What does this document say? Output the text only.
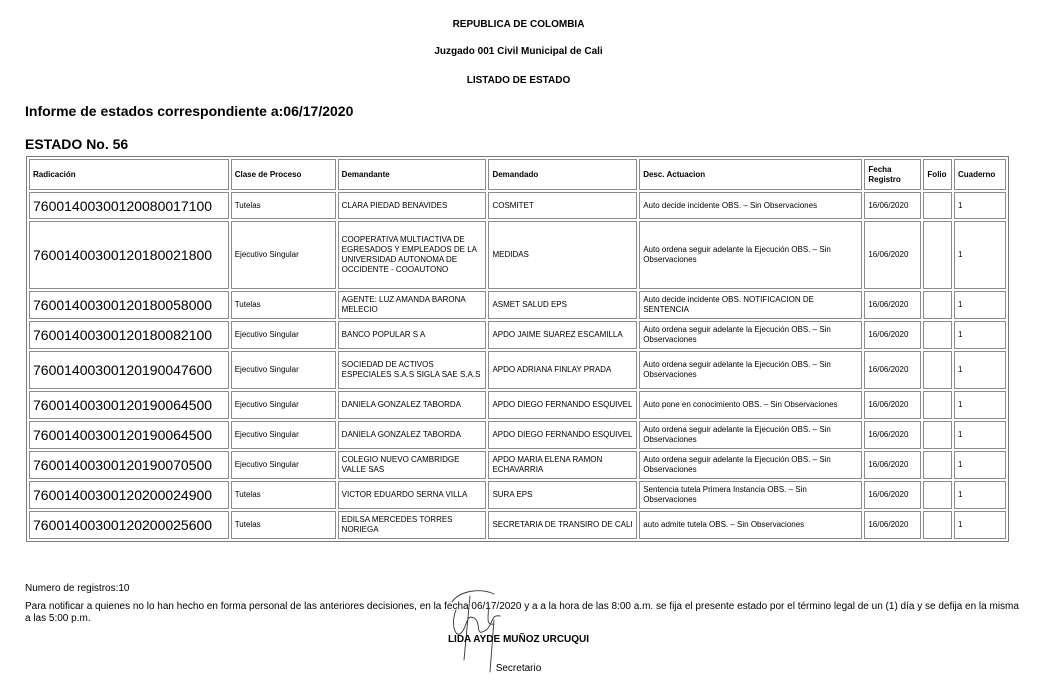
REPUBLICA DE COLOMBIA
Juzgado 001 Civil Municipal de Cali
LISTADO DE ESTADO
Informe de estados correspondiente a:06/17/2020
ESTADO No. 56
Radicación	Clase de Proceso	Demandante	Demandado	Desc. Actuacion	Fecha Registro	Folio	Cuaderno
76001400300120080017100	Tutelas	CLARA PIEDAD BENAVIDES	COSMITET	Auto decide incidente OBS. – Sin Observaciones	16/06/2020		1
76001400300120180021800	Ejecutivo Singular	COOPERATIVA MULTIACTIVA DE EGRESADOS Y EMPLEADOS DE LA UNIVERSIDAD AUTONOMA DE OCCIDENTE - COOAUTONO	MEDIDAS	Auto ordena seguir adelante la Ejecución OBS. – Sin Observaciones	16/06/2020		1
76001400300120180058000	Tutelas	AGENTE: LUZ AMANDA BARONA MELECIO	ASMET SALUD EPS	Auto decide incidente OBS. NOTIFICACION DE SENTENCIA	16/06/2020		1
76001400300120180082100	Ejecutivo Singular	BANCO POPULAR S A	APDO JAIME SUAREZ ESCAMILLA	Auto ordena seguir adelante la Ejecución OBS. – Sin Observaciones	16/06/2020		1
76001400300120190047600	Ejecutivo Singular	SOCIEDAD DE ACTIVOS ESPECIALES S.A.S SIGLA SAE S.A.S	APDO ADRIANA FINLAY PRADA	Auto ordena seguir adelante la Ejecución OBS. – Sin Observaciones	16/06/2020		1
76001400300120190064500	Ejecutivo Singular	DANIELA GONZALEZ TABORDA	APDO DIEGO FERNANDO ESQUIVEL	Auto pone en conocimiento OBS. – Sin Observaciones	16/06/2020		1
76001400300120190064500	Ejecutivo Singular	DANIELA GONZALEZ TABORDA	APDO DIEGO FERNANDO ESQUIVEL	Auto ordena seguir adelante la Ejecución OBS. – Sin Observaciones	16/06/2020		1
76001400300120190070500	Ejecutivo Singular	COLEGIO NUEVO CAMBRIDGE VALLE SAS	APDO MARIA ELENA RAMON ECHAVARRIA	Auto ordena seguir adelante la Ejecución OBS. – Sin Observaciones	16/06/2020		1
76001400300120200024900	Tutelas	VICTOR EDUARDO SERNA VILLA	SURA EPS	Sentencia tutela Primera Instancia OBS. – Sin Observaciones	16/06/2020		1
76001400300120200025600	Tutelas	EDILSA MERCEDES TORRES NORIEGA	SECRETARIA DE TRANSIRO DE CALI	auto admite tutela OBS. – Sin Observaciones	16/06/2020		1
Numero de registros:10
Para notificar a quienes no lo han hecho en forma personal de las anteriores decisiones, en la fecha 06/17/2020 y a a la hora de las 8:00 a.m. se fija el presente estado por el término legal de un (1) día y se defija en la misma a las 5:00 p.m.
LIDA AYDE MUÑOZ URCUQUI
Secretario
